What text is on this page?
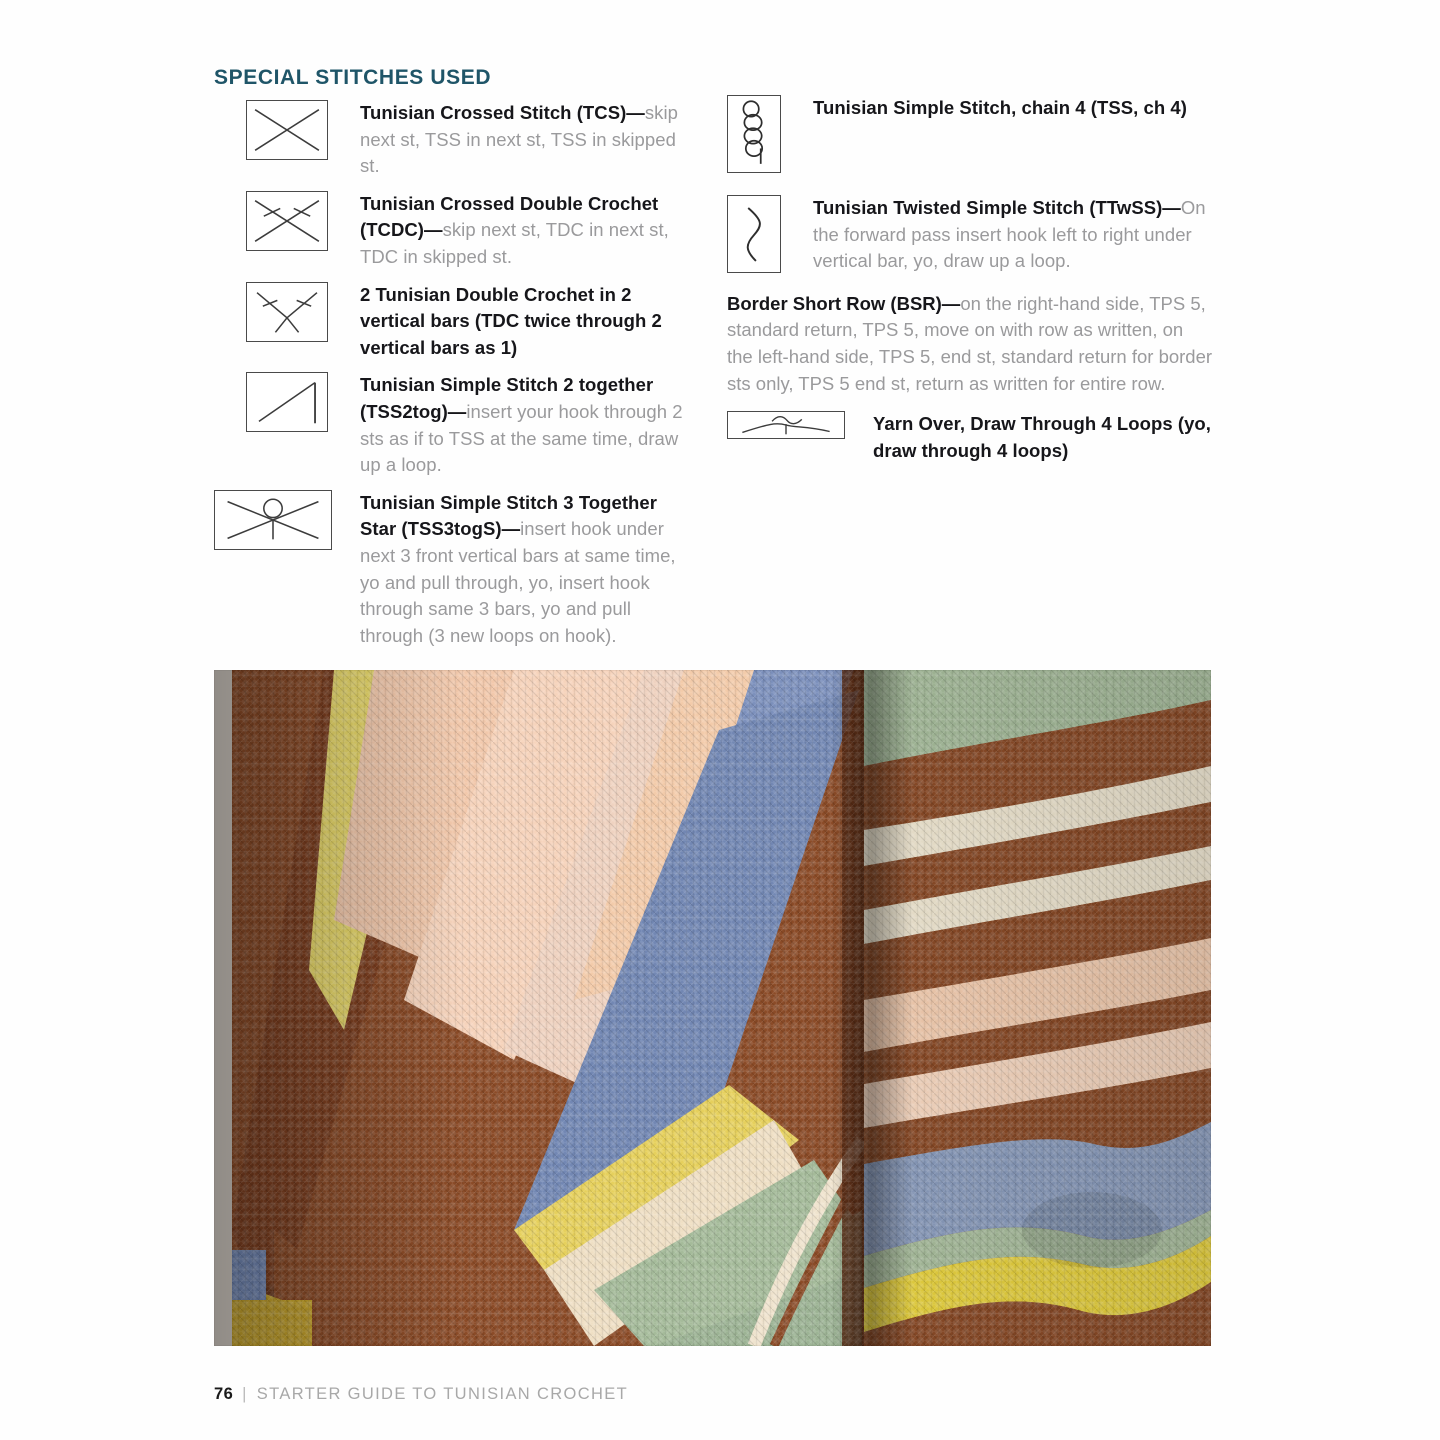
SPECIAL STITCHES USED
Tunisian Crossed Stitch (TCS)—skip next st, TSS in next st, TSS in skipped st.
Tunisian Crossed Double Crochet (TCDC)—skip next st, TDC in next st, TDC in skipped st.
2 Tunisian Double Crochet in 2 vertical bars (TDC twice through 2 vertical bars as 1)
Tunisian Simple Stitch 2 together (TSS2tog)—insert your hook through 2 sts as if to TSS at the same time, draw up a loop.
Tunisian Simple Stitch 3 Together Star (TSS3togS)—insert hook under next 3 front vertical bars at same time, yo and pull through, yo, insert hook through same 3 bars, yo and pull through (3 new loops on hook).
Tunisian Simple Stitch, chain 4 (TSS, ch 4)
Tunisian Twisted Simple Stitch (TTwSS)—On the forward pass insert hook left to right under vertical bar, yo, draw up a loop.

Border Short Row (BSR)—on the right-hand side, TPS 5, standard return, TPS 5, move on with row as written, on the left-hand side, TPS 5, end st, standard return for border sts only, TPS 5 end st, return as written for entire row.

Yarn Over, Draw Through 4 Loops (yo, draw through 4 loops)
76 | STARTER GUIDE TO TUNISIAN CROCHET
